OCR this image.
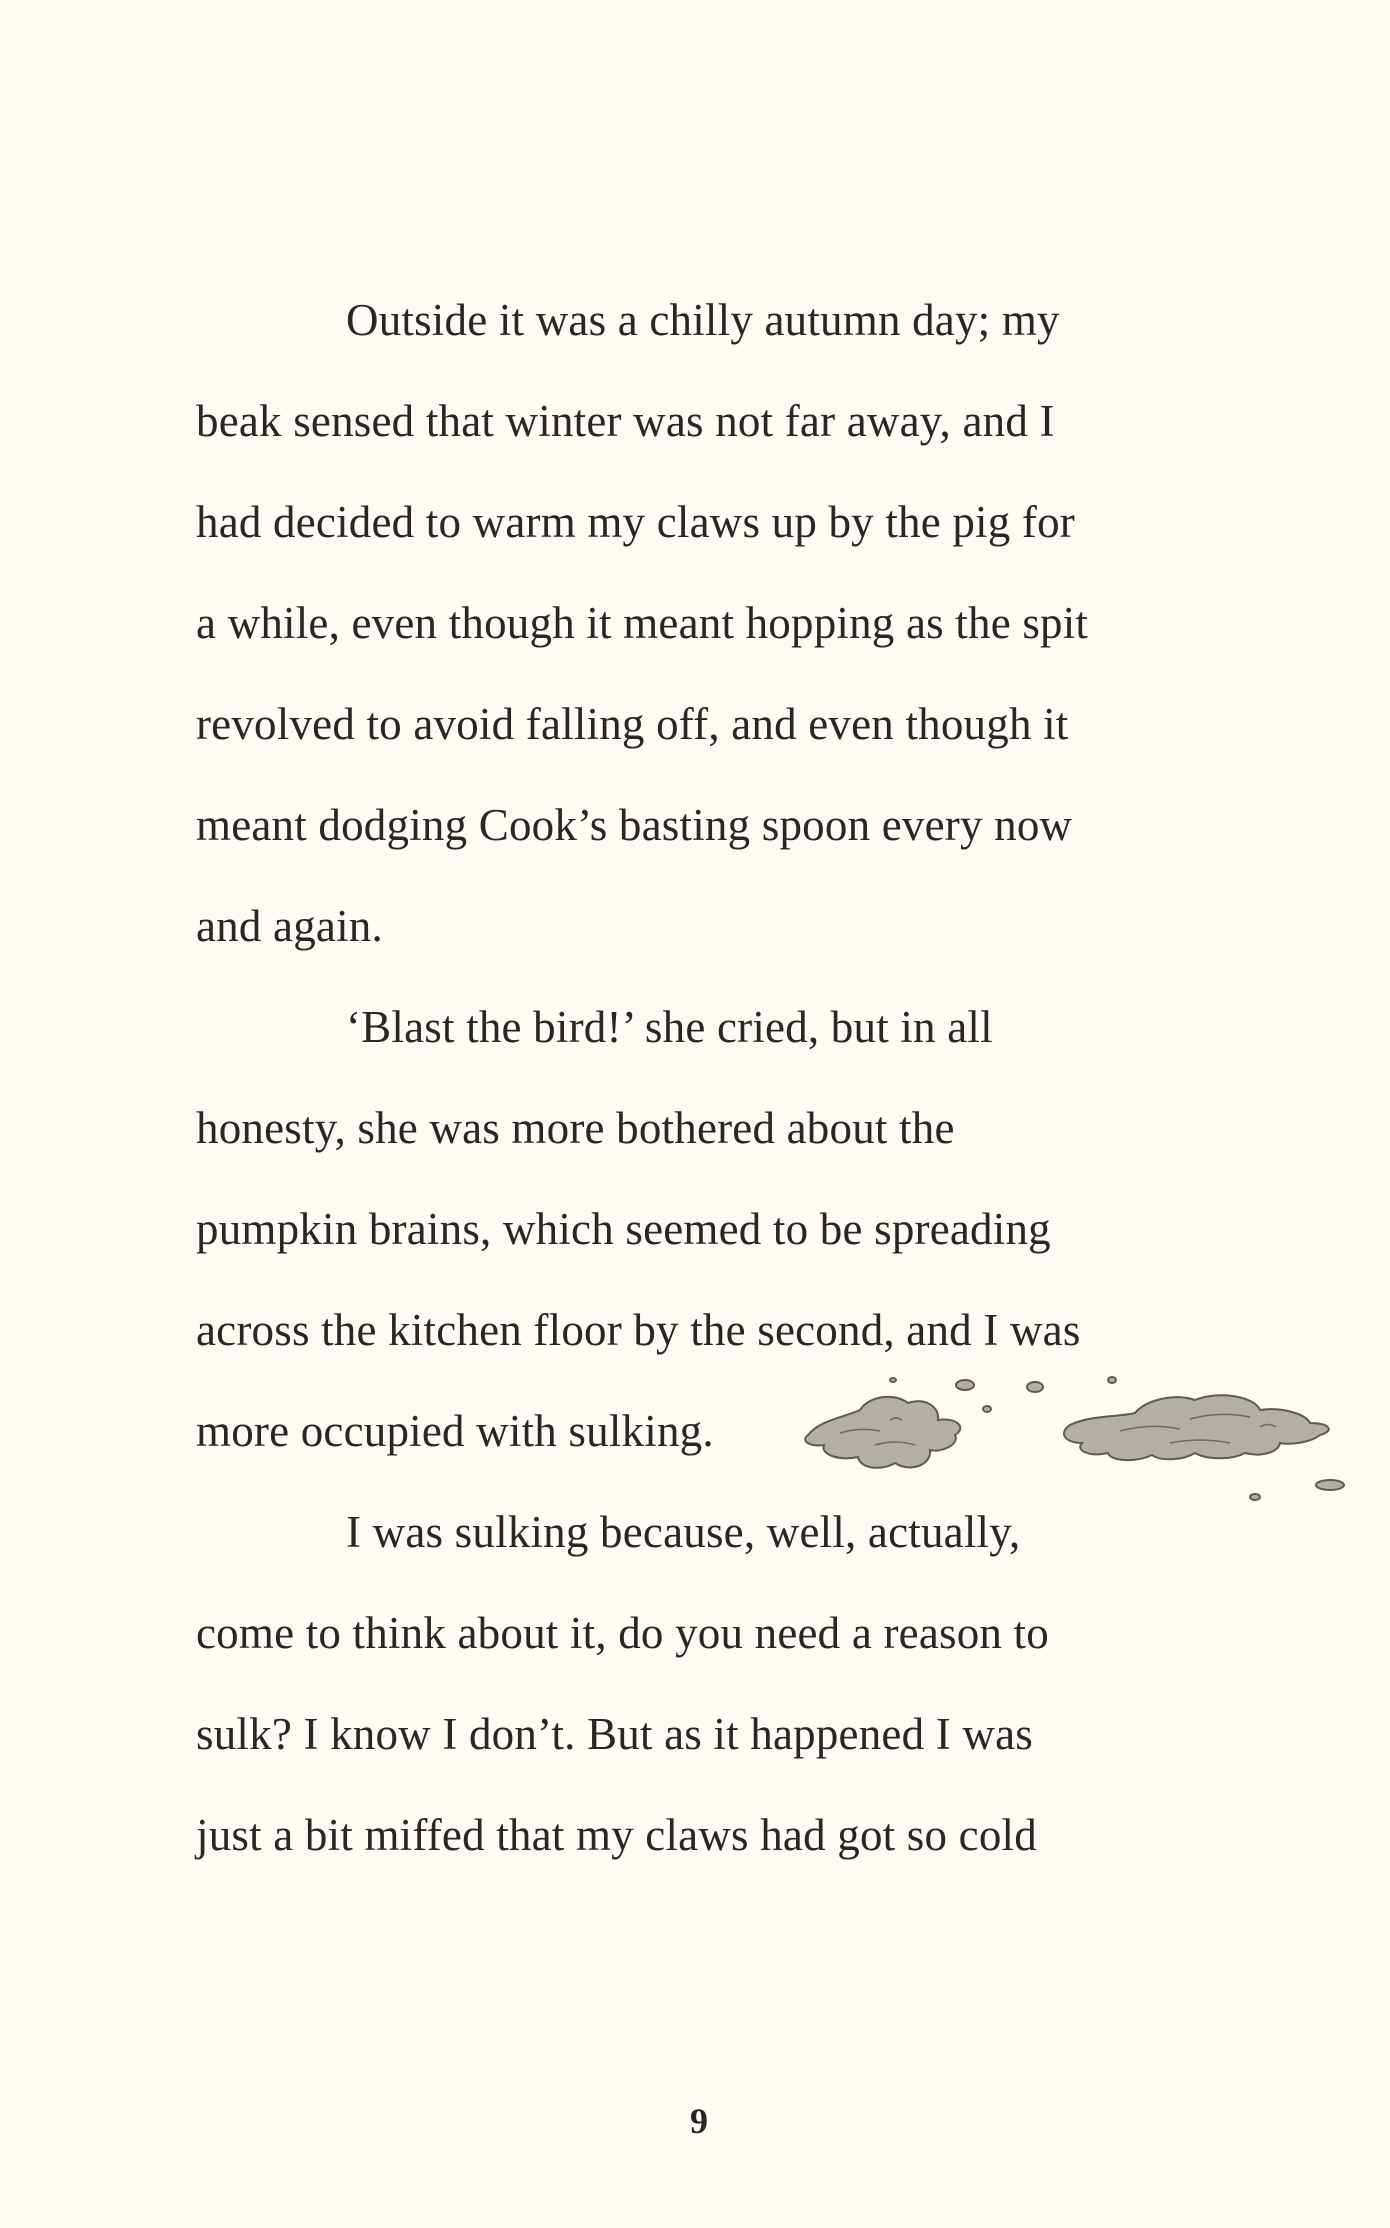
Outside it was a chilly autumn day; my
beak sensed that winter was not far away, and I
had decided to warm my claws up by the pig for
a while, even though it meant hopping as the spit
revolved to avoid falling off, and even though it
meant dodging Cook’s basting spoon every now
and again.
‘Blast the bird!’ she cried, but in all
honesty, she was more bothered about the
pumpkin brains, which seemed to be spreading
across the kitchen floor by the second, and I was
more occupied with sulking.
I was sulking because, well, actually,
come to think about it, do you need a reason to
sulk? I know I don’t. But as it happened I was
just a bit miffed that my claws had got so cold
9
